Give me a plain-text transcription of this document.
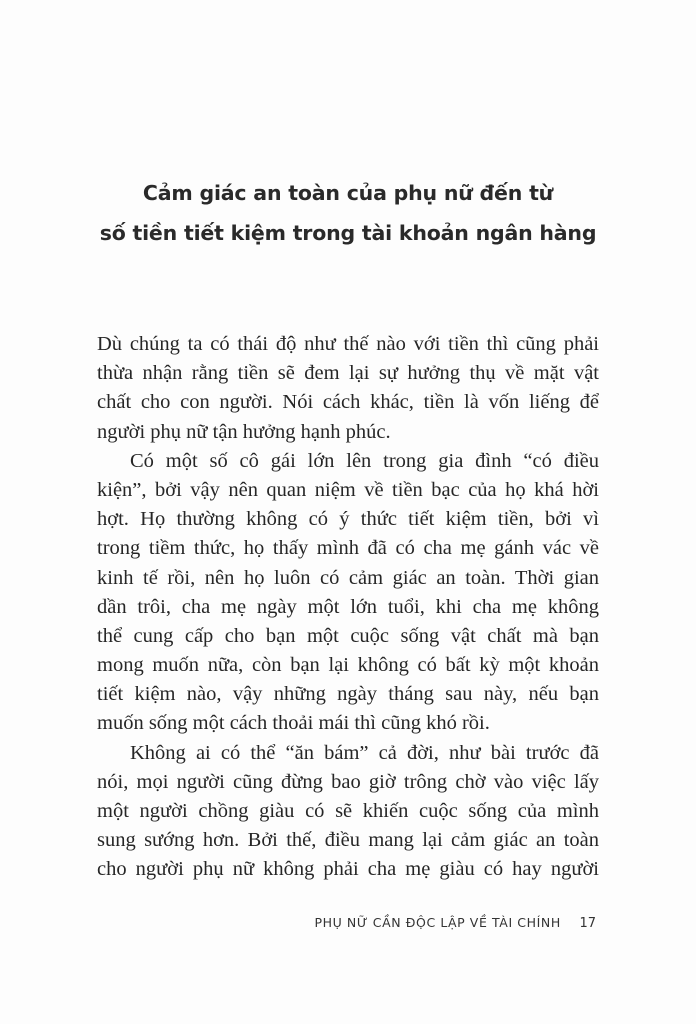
Cảm giác an toàn của phụ nữ đến từ
số tiền tiết kiệm trong tài khoản ngân hàng
Dù chúng ta có thái độ như thế nào với tiền thì cũng phải
thừa nhận rằng tiền sẽ đem lại sự hưởng thụ về mặt vật
chất cho con người. Nói cách khác, tiền là vốn liếng để
người phụ nữ tận hưởng hạnh phúc.
Có một số cô gái lớn lên trong gia đình “có điều
kiện”, bởi vậy nên quan niệm về tiền bạc của họ khá hời
hợt. Họ thường không có ý thức tiết kiệm tiền, bởi vì
trong tiềm thức, họ thấy mình đã có cha mẹ gánh vác về
kinh tế rồi, nên họ luôn có cảm giác an toàn. Thời gian
dần trôi, cha mẹ ngày một lớn tuổi, khi cha mẹ không
thể cung cấp cho bạn một cuộc sống vật chất mà bạn
mong muốn nữa, còn bạn lại không có bất kỳ một khoản
tiết kiệm nào, vậy những ngày tháng sau này, nếu bạn
muốn sống một cách thoải mái thì cũng khó rồi.
Không ai có thể “ăn bám” cả đời, như bài trước đã
nói, mọi người cũng đừng bao giờ trông chờ vào việc lấy
một người chồng giàu có sẽ khiến cuộc sống của mình
sung sướng hơn. Bởi thế, điều mang lại cảm giác an toàn
cho người phụ nữ không phải cha mẹ giàu có hay người
PHỤ NỮ CẦN ĐỘC LẬP VỀ TÀI CHÍNH 17
